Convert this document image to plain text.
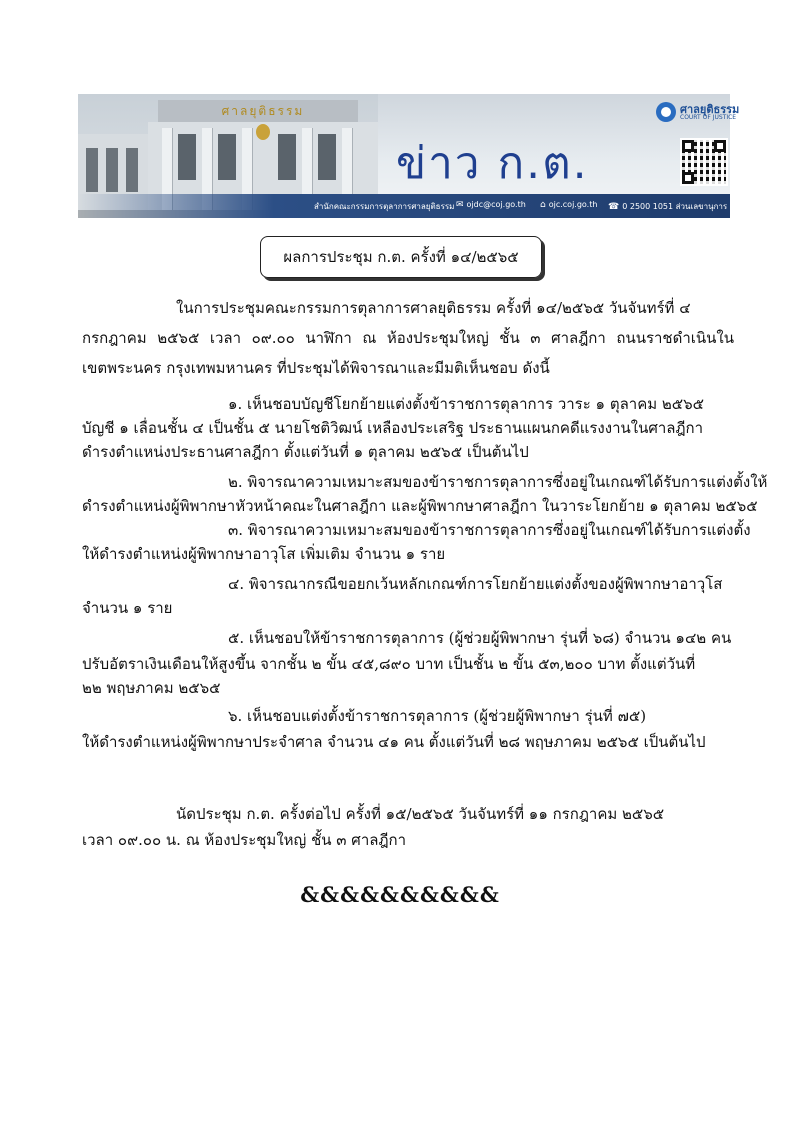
ศาลยุติธรรม	ศาลยุติธรรม
COURT OF JUSTICE
ข่าว ก.ต.
สำนักคณะกรรมการตุลาการศาลยุติธรรม ✉ ojdc@coj.go.th ⌂ ojc.coj.go.th ☎ 0 2500 1051 ส่วนเลขานุการ ก.ต.
ผลการประชุม ก.ต. ครั้งที่ ๑๔/๒๕๖๕
ในการประชุมคณะกรรมการตุลาการศาลยุติธรรม ครั้งที่ ๑๔/๒๕๖๕ วันจันทร์ที่ ๔
กรกฎาคม ๒๕๖๕ เวลา ๐๙.๐๐ นาฬิกา ณ ห้องประชุมใหญ่ ชั้น ๓ ศาลฎีกา ถนนราชดำเนินใน
เขตพระนคร กรุงเทพมหานคร ที่ประชุมได้พิจารณาและมีมติเห็นชอบ ดังนี้
๑. เห็นชอบบัญชีโยกย้ายแต่งตั้งข้าราชการตุลาการ วาระ ๑ ตุลาคม ๒๕๖๕
บัญชี ๑ เลื่อนชั้น ๔ เป็นชั้น ๕ นายโชติวิฒน์ เหลืองประเสริฐ ประธานแผนกคดีแรงงานในศาลฎีกา
ดำรงตำแหน่งประธานศาลฎีกา ตั้งแต่วันที่ ๑ ตุลาคม ๒๕๖๕ เป็นต้นไป
๒. พิจารณาความเหมาะสมของข้าราชการตุลาการซึ่งอยู่ในเกณฑ์ได้รับการแต่งตั้งให้
ดำรงตำแหน่งผู้พิพากษาหัวหน้าคณะในศาลฎีกา และผู้พิพากษาศาลฎีกา ในวาระโยกย้าย ๑ ตุลาคม ๒๕๖๕
๓. พิจารณาความเหมาะสมของข้าราชการตุลาการซึ่งอยู่ในเกณฑ์ได้รับการแต่งตั้ง
ให้ดำรงตำแหน่งผู้พิพากษาอาวุโส เพิ่มเติม จำนวน ๑ ราย
๔. พิจารณากรณีขอยกเว้นหลักเกณฑ์การโยกย้ายแต่งตั้งของผู้พิพากษาอาวุโส
จำนวน ๑ ราย
๕. เห็นชอบให้ข้าราชการตุลาการ (ผู้ช่วยผู้พิพากษา รุ่นที่ ๖๘) จำนวน ๑๔๒ คน
ปรับอัตราเงินเดือนให้สูงขึ้น จากชั้น ๒ ขั้น ๔๕,๘๙๐ บาท เป็นชั้น ๒ ขั้น ๕๓,๒๐๐ บาท ตั้งแต่วันที่
๒๒ พฤษภาคม ๒๕๖๕
๖. เห็นชอบแต่งตั้งข้าราชการตุลาการ (ผู้ช่วยผู้พิพากษา รุ่นที่ ๗๕)
ให้ดำรงตำแหน่งผู้พิพากษาประจำศาล จำนวน ๔๑ คน ตั้งแต่วันที่ ๒๘ พฤษภาคม ๒๕๖๕ เป็นต้นไป
นัดประชุม ก.ต. ครั้งต่อไป ครั้งที่ ๑๕/๒๕๖๕ วันจันทร์ที่ ๑๑ กรกฎาคม ๒๕๖๕
เวลา ๐๙.๐๐ น. ณ ห้องประชุมใหญ่ ชั้น ๓ ศาลฎีกา
&&&&&&&&&&
